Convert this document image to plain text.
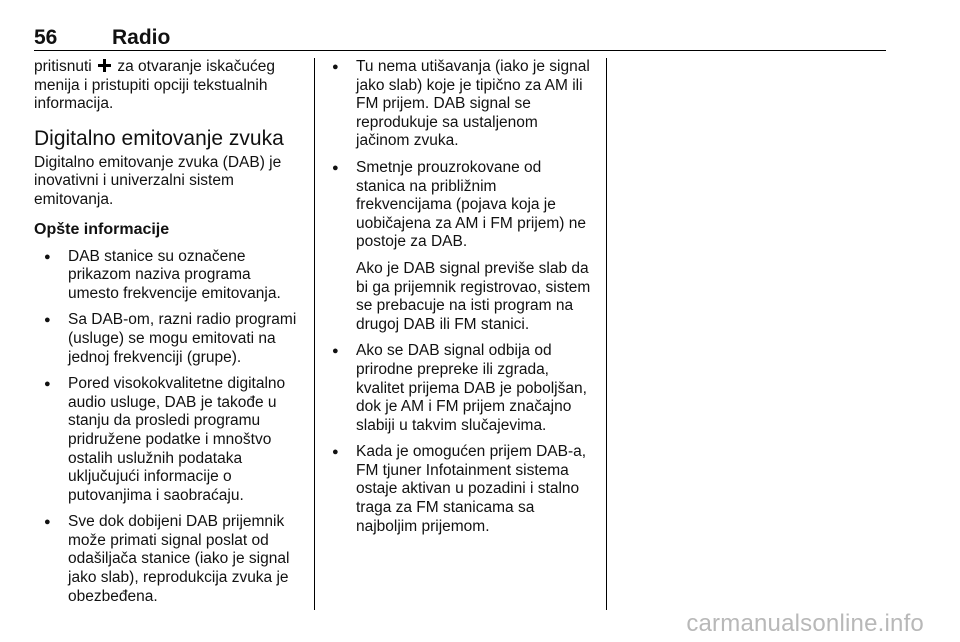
56	Radio

pritisnuti za otvaranje iskačućeg menija i pristupiti opciji tekstualnih informacija.

Digitalno emitovanje zvuka

Digitalno emitovanje zvuka (DAB) je inovativni i univerzalni sistem emitovanja.

Opšte informacije
● DAB stanice su označene prikazom naziva programa umesto frekvencije emitovanja.
● Sa DAB-om, razni radio programi (usluge) se mogu emitovati na jednoj frekvenciji (grupe).
● Pored visokokvalitetne digitalno audio usluge, DAB je takođe u stanju da prosledi programu pridružene podatke i mnoštvo ostalih uslužnih podataka uključujući informacije o putovanjima i saobraćaju.
● Sve dok dobijeni DAB prijemnik može primati signal poslat od odašiljača stanice (iako je signal jako slab), reprodukcija zvuka je obezbeđena.
● Tu nema utišavanja (iako je signal jako slab) koje je tipično za AM ili FM prijem. DAB signal se reprodukuje sa ustaljenom jačinom zvuka.

● Smetnje prouzrokovane od stanica na približnim frekvencijama (pojava koja je uobičajena za AM i FM prijem) ne postoje za DAB.

Ako je DAB signal previše slab da bi ga prijemnik registrovao, sistem se prebacuje na isti program na drugoj DAB ili FM stanici.

● Ako se DAB signal odbija od prirodne prepreke ili zgrada, kvalitet prijema DAB je poboljšan, dok je AM i FM prijem značajno slabiji u takvim slučajevima.
● Kada je omogućen prijem DAB-a, FM tjuner Infotainment sistema ostaje aktivan u pozadini i stalno traga za FM stanicama sa najboljim prijemom.
carmanualsonline.info
